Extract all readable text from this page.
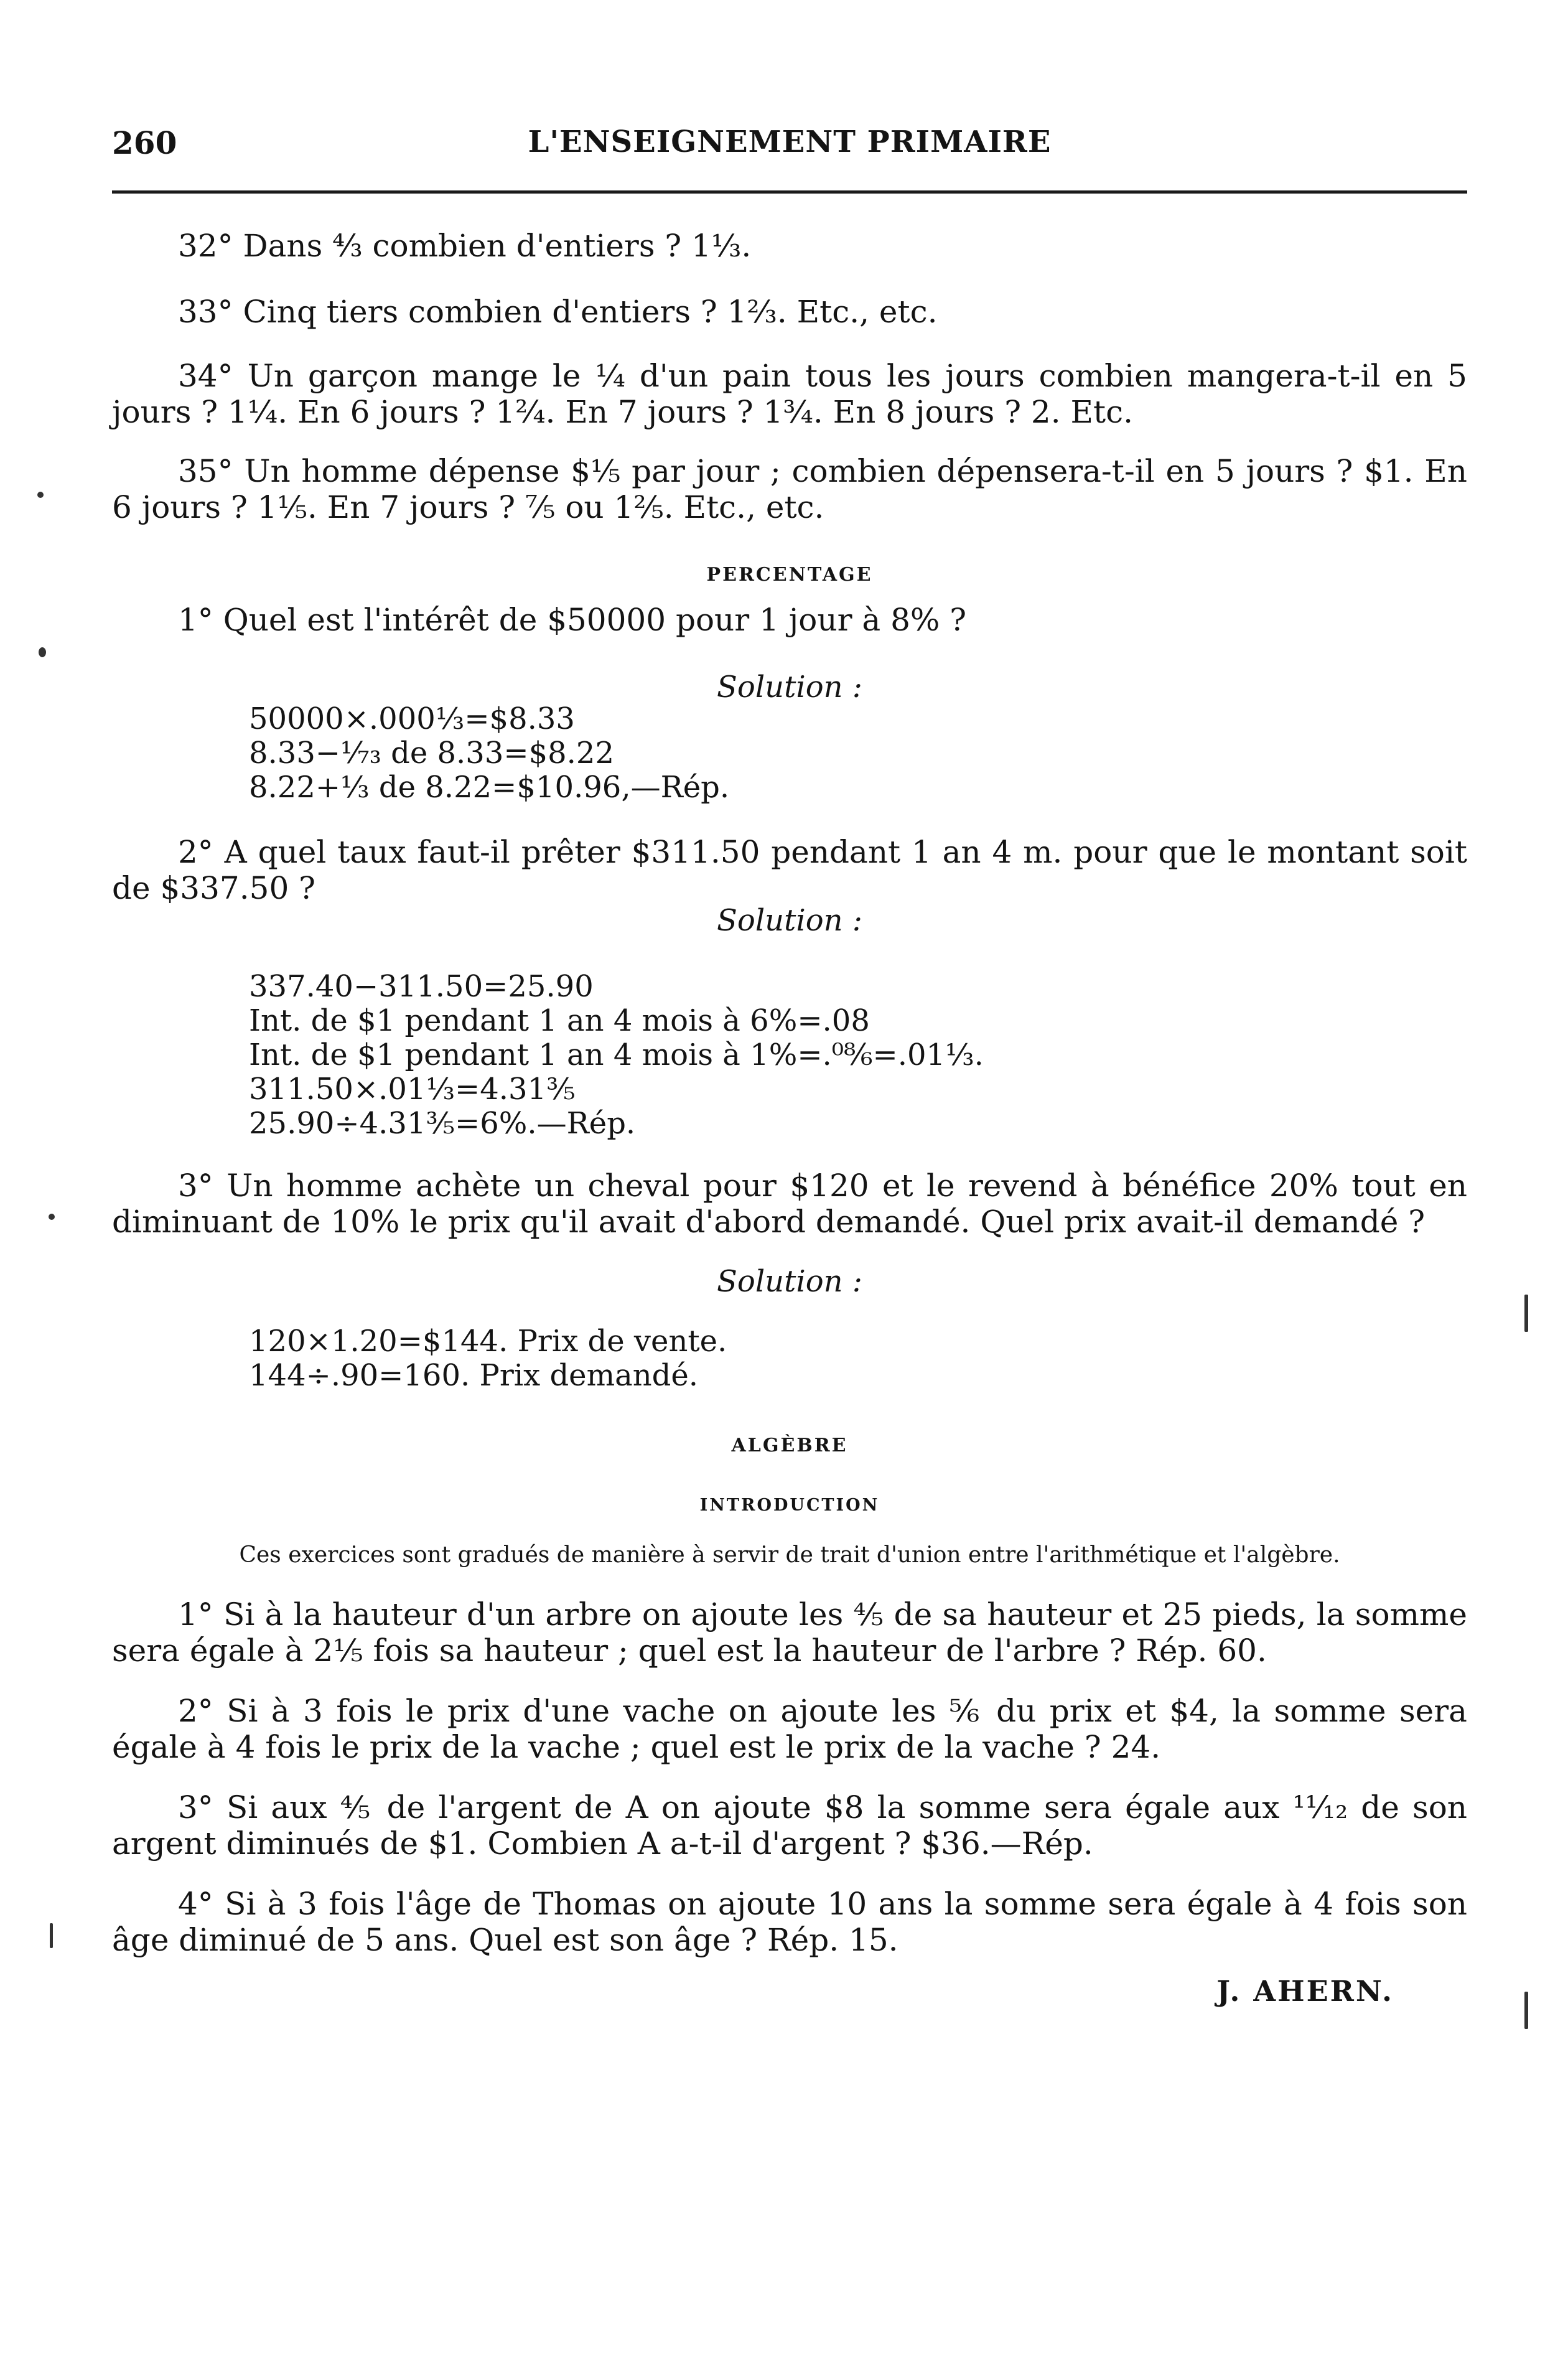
260	L'ENSEIGNEMENT PRIMAIRE
32° Dans ⁴⁄₃ combien d'entiers ? 1⅓.
33° Cinq tiers combien d'entiers ? 1⅔. Etc., etc.
34° Un garçon mange le ¼ d'un pain tous les jours combien mangera-t-il en 5 jours ? 1¼. En 6 jours ? 1²⁄₄. En 7 jours ? 1¾. En 8 jours ? 2. Etc.
35° Un homme dépense $⅕ par jour ; combien dépensera-t-il en 5 jours ? $1. En 6 jours ? 1⅕. En 7 jours ? ⁷⁄₅ ou 1⅖. Etc., etc.
PERCENTAGE
1° Quel est l'intérêt de $50000 pour 1 jour à 8% ?
Solution :
50000×.000⅓=$8.33
8.33−¹⁄₇₃ de 8.33=$8.22
8.22+⅓ de 8.22=$10.96,—Rép.
2° A quel taux faut-il prêter $311.50 pendant 1 an 4 m. pour que le montant soit de $337.50 ?
Solution :
337.40−311.50=25.90
Int. de $1 pendant 1 an 4 mois à 6%=.08
Int. de $1 pendant 1 an 4 mois à 1%=.⁰⁸⁄₆=.01⅓.
311.50×.01⅓=4.31⅗
25.90÷4.31⅗=6%.—Rép.
3° Un homme achète un cheval pour $120 et le revend à bénéfice 20% tout en diminuant de 10% le prix qu'il avait d'abord demandé. Quel prix avait-il demandé ?
Solution :
120×1.20=$144. Prix de vente.
144÷.90=160. Prix demandé.
ALGÈBRE
INTRODUCTION
Ces exercices sont gradués de manière à servir de trait d'union entre l'arithmétique et l'algèbre.
1° Si à la hauteur d'un arbre on ajoute les ⅘ de sa hauteur et 25 pieds, la somme sera égale à 2⅕ fois sa hauteur ; quel est la hauteur de l'arbre ? Rép. 60.
2° Si à 3 fois le prix d'une vache on ajoute les ⅚ du prix et $4, la somme sera égale à 4 fois le prix de la vache ; quel est le prix de la vache ? 24.
3° Si aux ⅘ de l'argent de A on ajoute $8 la somme sera égale aux ¹¹⁄₁₂ de son argent diminués de $1. Combien A a-t-il d'argent ? $36.—Rép.
4° Si à 3 fois l'âge de Thomas on ajoute 10 ans la somme sera égale à 4 fois son âge diminué de 5 ans. Quel est son âge ? Rép. 15.
J. AHERN.
